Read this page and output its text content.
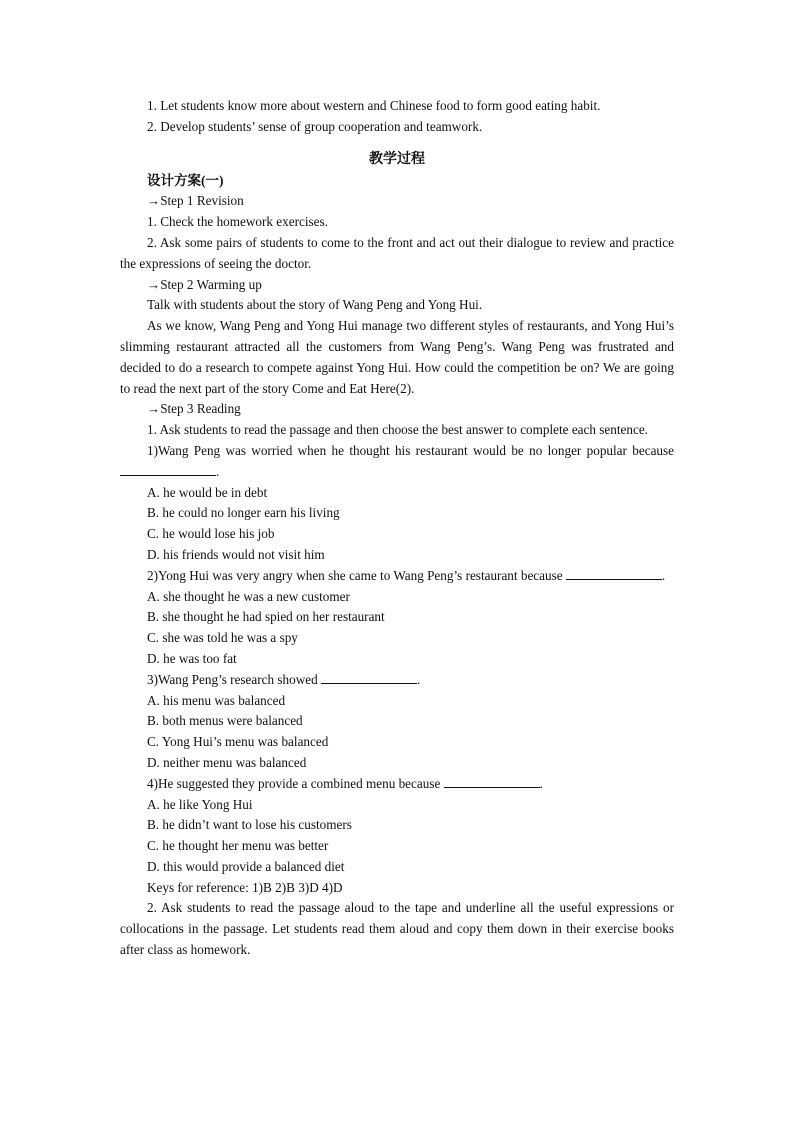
1. Let students know more about western and Chinese food to form good eating habit.

2. Develop students’ sense of group cooperation and teamwork.

教学过程

设计方案(一)

→Step 1 Revision

1. Check the homework exercises.

2. Ask some pairs of students to come to the front and act out their dialogue to review and practice the expressions of seeing the doctor.

→Step 2 Warming up

Talk with students about the story of Wang Peng and Yong Hui.

As we know, Wang Peng and Yong Hui manage two different styles of restaurants, and Yong Hui’s slimming restaurant attracted all the customers from Wang Peng’s. Wang Peng was frustrated and decided to do a research to compete against Yong Hui. How could the competition be on? We are going to read the next part of the story Come and Eat Here(2).

→Step 3 Reading

1. Ask students to read the passage and then choose the best answer to complete each sentence.

1)Wang Peng was worried when he thought his restaurant would be no longer popular because .

A. he would be in debt

B. he could no longer earn his living

C. he would lose his job

D. his friends would not visit him

2)Yong Hui was very angry when she came to Wang Peng’s restaurant because	.

A. she thought he was a new customer

B. she thought he had spied on her restaurant

C. she was told he was a spy

D. he was too fat

3)Wang Peng’s research showed	.

A. his menu was balanced

B. both menus were balanced

C. Yong Hui’s menu was balanced

D. neither menu was balanced

4)He suggested they provide a combined menu because	.

A. he like Yong Hui

B. he didn’t want to lose his customers

C. he thought her menu was better

D. this would provide a balanced diet

Keys for reference: 1)B 2)B 3)D 4)D

2. Ask students to read the passage aloud to the tape and underline all the useful expressions or collocations in the passage. Let students read them aloud and copy them down in their exercise books after class as homework.
